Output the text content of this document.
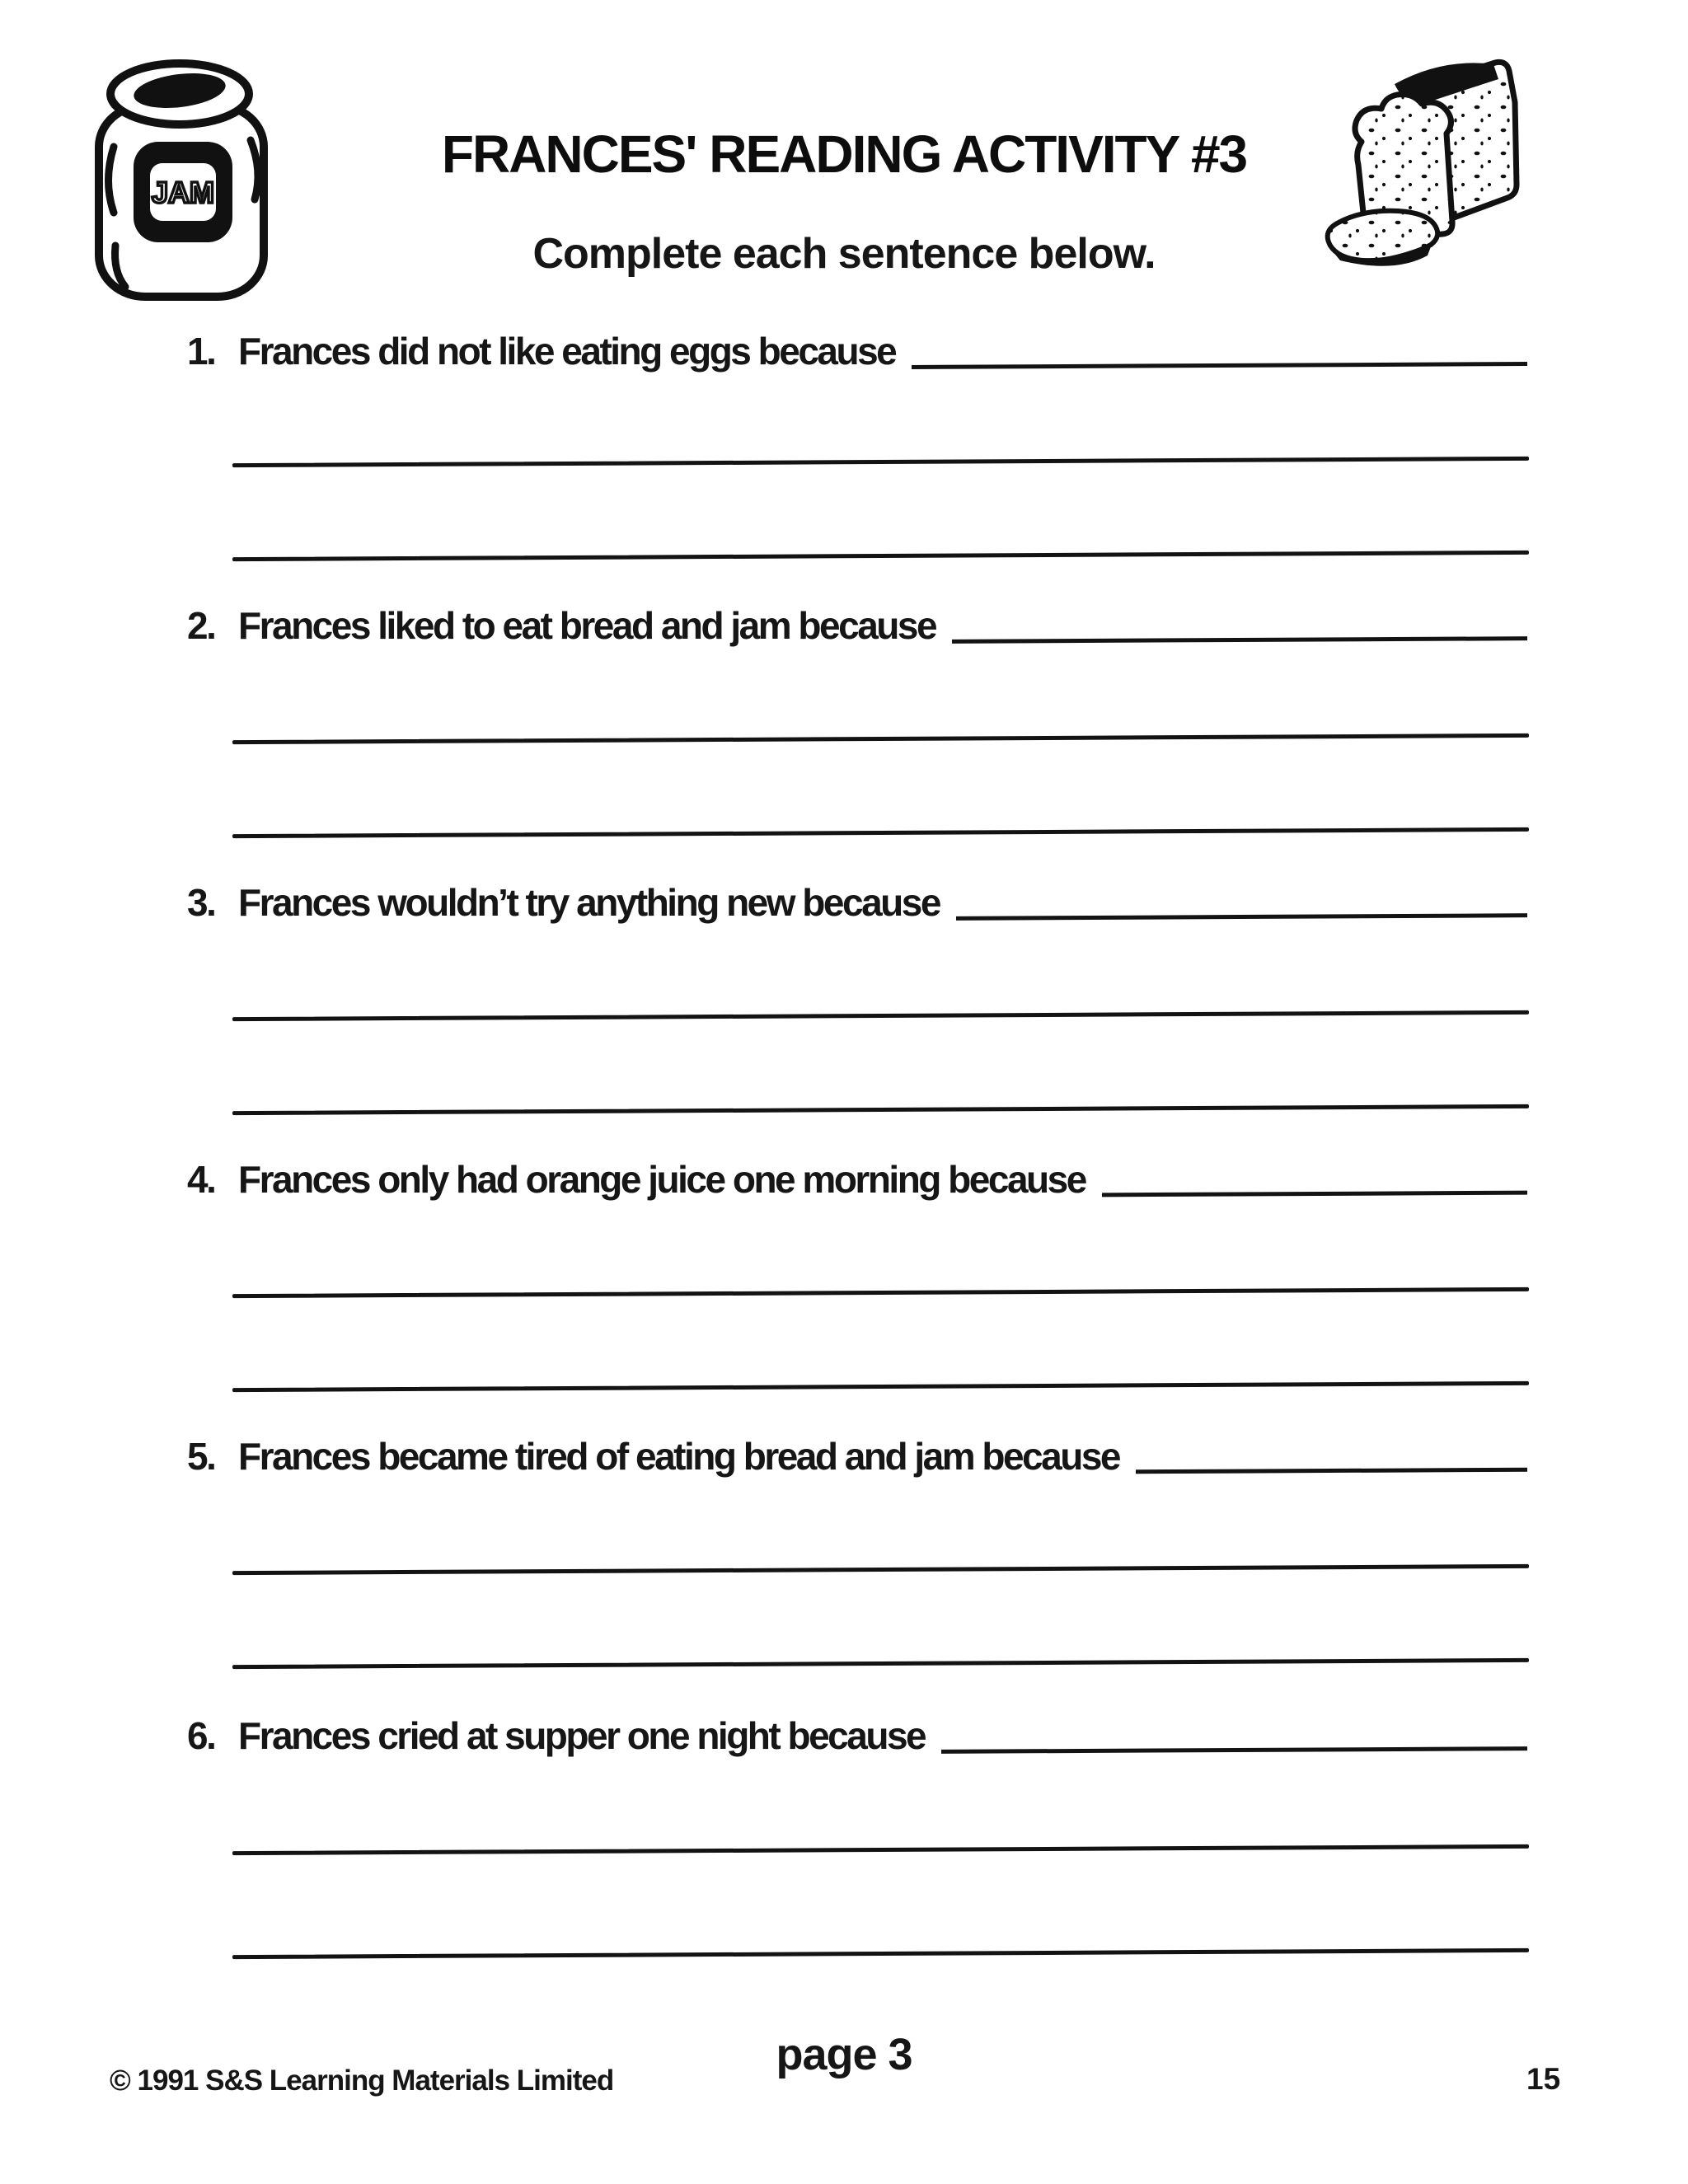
JAM
FRANCES' READING ACTIVITY #3
Complete each sentence below.
1. Frances did not like eating eggs because
2. Frances liked to eat bread and jam because
3. Frances wouldn’t try anything new because
4. Frances only had orange juice one morning because
5. Frances became tired of eating bread and jam because
6. Frances cried at supper one night because
© 1991 S&S Learning Materials Limited
page 3	15
